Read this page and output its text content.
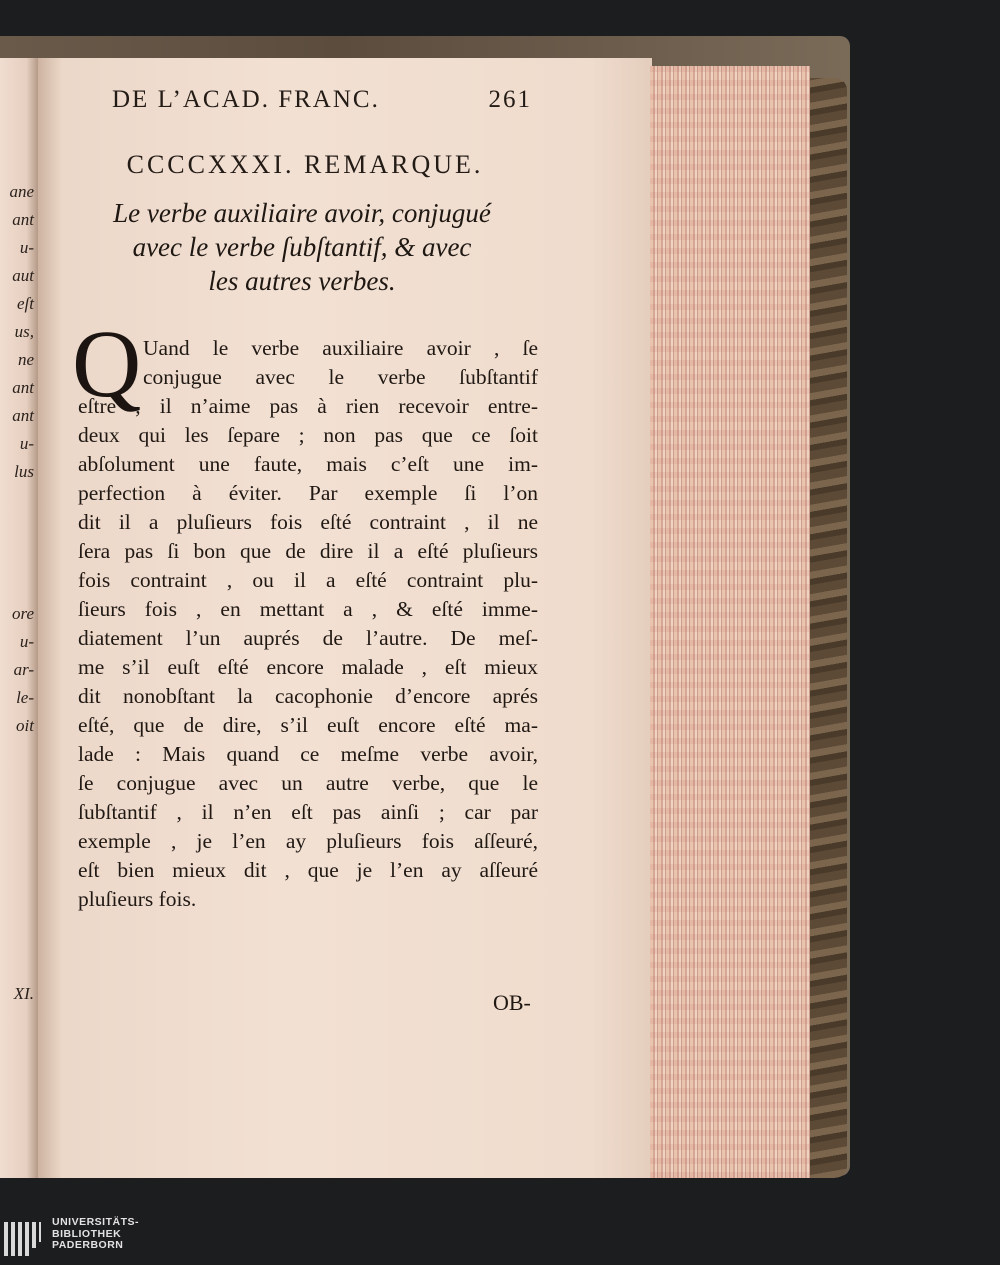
ane
ant
u-
aut
eſt
us,
ne
ant
ant
u-
lus
ore
u-
ar-
le-
oit
XI.
DE L’ACAD. FRANC.	261
CCCCXXXI. REMARQUE.
Le verbe auxiliaire avoir, conjugué
avec le verbe ſubſtantif, & avec
les autres verbes.
Q Uand le verbe auxiliaire avoir , ſe
conjugue avec le verbe ſubſtantif
eſtre , il n’aime pas à rien recevoir entre-
deux qui les ſepare ; non pas que ce ſoit
abſolument une faute, mais c’eſt une im-
perfection à éviter. Par exemple ſi l’on
dit il a pluſieurs fois eſté contraint , il ne
ſera pas ſi bon que de dire il a eſté pluſieurs
fois contraint , ou il a eſté contraint plu-
ſieurs fois , en mettant a , & eſté imme-
diatement l’un auprés de l’autre. De meſ-
me s’il euſt eſté encore malade , eſt mieux
dit nonobſtant la cacophonie d’encore aprés
eſté, que de dire, s’il euſt encore eſté ma-
lade : Mais quand ce meſme verbe avoir,
ſe conjugue avec un autre verbe, que le
ſubſtantif , il n’en eſt pas ainſi ; car par
exemple , je l’en ay pluſieurs fois aſſeuré,
eſt bien mieux dit , que je l’en ay aſſeuré
pluſieurs fois.
OB-
UNIVERSITÄTS-
BIBLIOTHEK
PADERBORN
